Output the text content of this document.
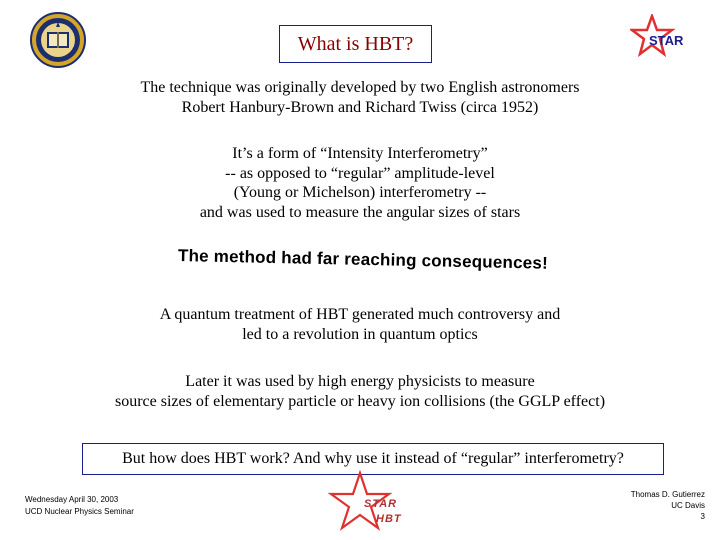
What is HBT?	STAR
The technique was originally developed by two English astronomers
Robert Hanbury-Brown and Richard Twiss (circa 1952)
It’s a form of “Intensity Interferometry”
-- as opposed to “regular” amplitude-level
(Young or Michelson) interferometry --
and was used to measure the angular sizes of stars
The method had far reaching consequences!
A quantum treatment of HBT generated much controversy and
led to a revolution in quantum optics
Later it was used by high energy physicists to measure
source sizes of elementary particle or heavy ion collisions (the GGLP effect)
But how does HBT work? And why use it instead of “regular” interferometry?
Wednesday April 30, 2003
UCD Nuclear Physics Seminar
STAR
HBT
Thomas D. Gutierrez
UC Davis
3
